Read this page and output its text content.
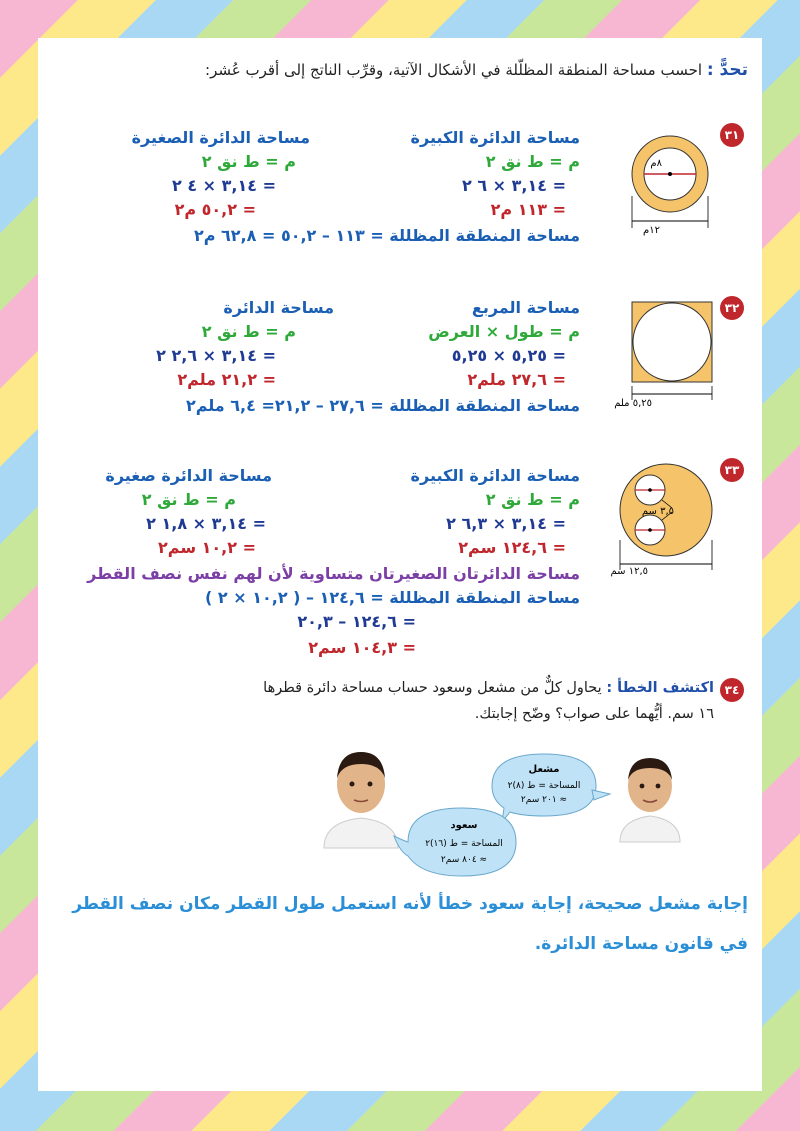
تحدًّ : احسب مساحة المنطقة المظلّلة في الأشكال الآتية، وقرِّب الناتج إلى أقرب عُشر:
٣١
٨م
١٢م
مساحة الدائرة الكبيرة
م = ط نق ٢
= ٣,١٤ × ٦ ٢
= ١١٣ م٢
مساحة الدائرة الصغيرة
م = ط نق ٢
= ٣,١٤ × ٤ ٢
= ٥٠,٢ م٢
مساحة المنطقة المظللة = ١١٣ – ٥٠,٢ = ٦٢,٨ م٢
٣٢
٥,٢٥ ملم
مساحة المربع
م = طول × العرض
= ٥,٢٥ × ٥,٢٥
= ٢٧,٦ ملم٢
مساحة الدائرة
م = ط نق ٢
= ٣,١٤ × ٢,٦ ٢
= ٢١,٢ ملم٢
مساحة المنطقة المظللة = ٢٧,٦ – ٢١,٢= ٦,٤ ملم٢
٣٣
٣,٥ سم
١٢,٥ سم
مساحة الدائرة الكبيرة
م = ط نق ٢
= ٣,١٤ × ٦,٣ ٢
= ١٢٤,٦ سم٢
مساحة الدائرة صغيرة
م = ط نق ٢
= ٣,١٤ × ١,٨ ٢
= ١٠,٢ سم٢
مساحة الدائرتان الصغيرتان متساوية لأن لهم نفس نصف القطر
مساحة المنطقة المظللة = ١٢٤,٦ – ( ١٠,٢ × ٢ )
= ١٢٤,٦ – ٢٠,٣
= ١٠٤,٣ سم٢
٣٤
اكتشف الخطأ : يحاول كلٌّ من مشعل وسعود حساب مساحة دائرة قطرها
١٦ سم. أيُّهما على صواب؟ وضّح إجابتك.
مشعل
المساحة = ط (٨)٢
≈ ٢٠١ سم٢
سعود
المساحة = ط (١٦)٢
≈ ٨٠٤ سم٢
إجابة مشعل صحيحة، إجابة سعود خطأ لأنه استعمل طول القطر مكان نصف القطر في قانون مساحة الدائرة.
